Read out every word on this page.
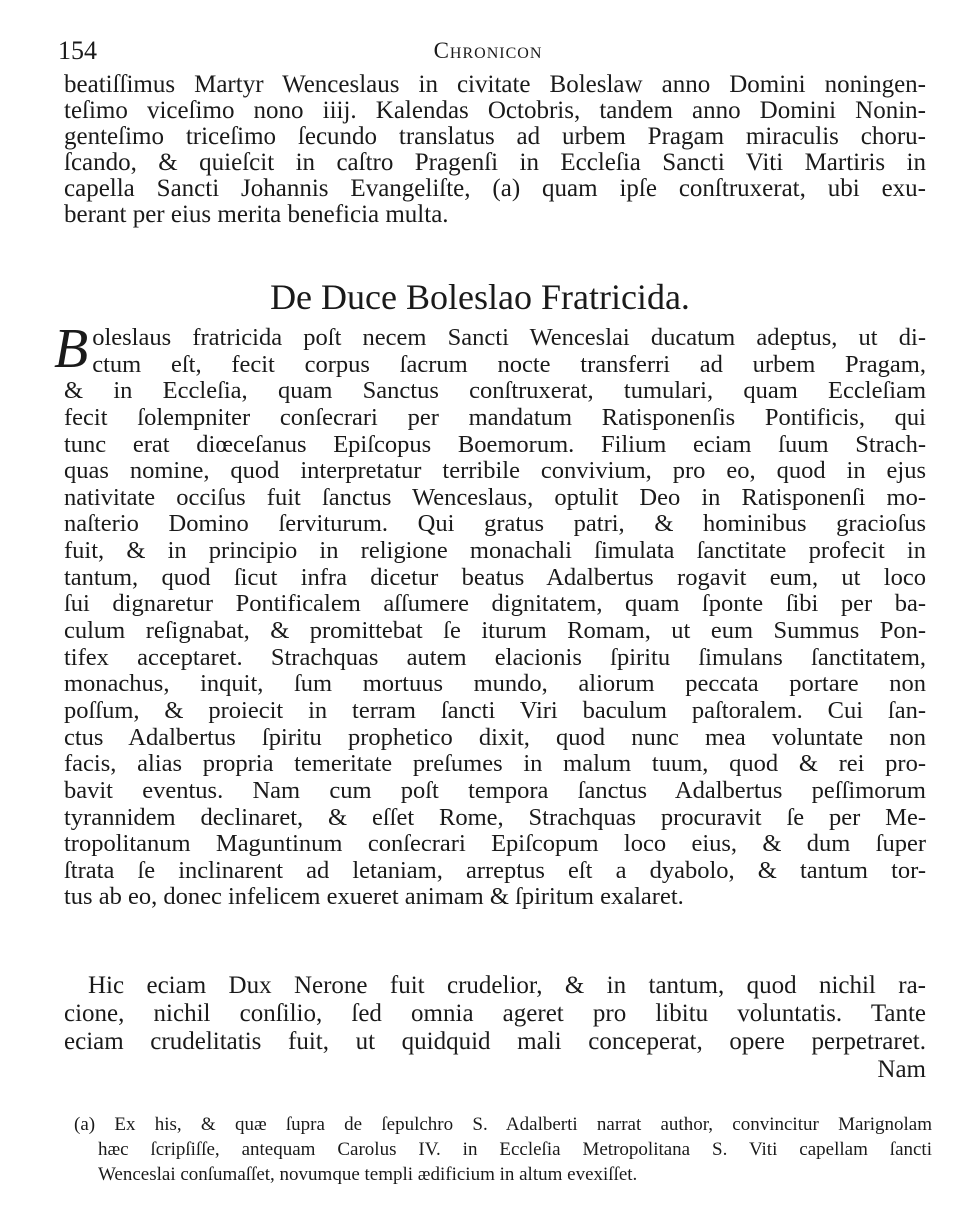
154	Chronicon
beatiſſimus Martyr Wenceslaus in civitate Boleslaw anno Domini noningen-
teſimo viceſimo nono iiij. Kalendas Octobris, tandem anno Domini Nonin-
genteſimo triceſimo ſecundo translatus ad urbem Pragam miraculis choru-
ſcando, & quieſcit in caſtro Pragenſi in Eccleſia Sancti Viti Martiris in
capella Sancti Johannis Evangeliſte, (a) quam ipſe conſtruxerat, ubi exu-
berant per eius merita beneficia multa.
De Duce Boleslao Fratricida.
B oleslaus fratricida poſt necem Sancti Wenceslai ducatum adeptus, ut di-
ctum eſt, fecit corpus ſacrum nocte transferri ad urbem Pragam,
& in Eccleſia, quam Sanctus conſtruxerat, tumulari, quam Eccleſiam
fecit ſolempniter conſecrari per mandatum Ratisponenſis Pontificis, qui
tunc erat diœceſanus Epiſcopus Boemorum. Filium eciam ſuum Strach-
quas nomine, quod interpretatur terribile convivium, pro eo, quod in ejus
nativitate occiſus fuit ſanctus Wenceslaus, optulit Deo in Ratisponenſi mo-
naſterio Domino ſerviturum. Qui gratus patri, & hominibus gracioſus
fuit, & in principio in religione monachali ſimulata ſanctitate profecit in
tantum, quod ſicut infra dicetur beatus Adalbertus rogavit eum, ut loco
ſui dignaretur Pontificalem aſſumere dignitatem, quam ſponte ſibi per ba-
culum reſignabat, & promittebat ſe iturum Romam, ut eum Summus Pon-
tifex acceptaret. Strachquas autem elacionis ſpiritu ſimulans ſanctitatem,
monachus, inquit, ſum mortuus mundo, aliorum peccata portare non
poſſum, & proiecit in terram ſancti Viri baculum paſtoralem. Cui ſan-
ctus Adalbertus ſpiritu prophetico dixit, quod nunc mea voluntate non
facis, alias propria temeritate preſumes in malum tuum, quod & rei pro-
bavit eventus. Nam cum poſt tempora ſanctus Adalbertus peſſimorum
tyrannidem declinaret, & eſſet Rome, Strachquas procuravit ſe per Me-
tropolitanum Maguntinum conſecrari Epiſcopum loco eius, & dum ſuper
ſtrata ſe inclinarent ad letaniam, arreptus eſt a dyabolo, & tantum tor-
tus ab eo, donec infelicem exueret animam & ſpiritum exalaret.
Hic eciam Dux Nerone fuit crudelior, & in tantum, quod nichil ra-
cione, nichil conſilio, ſed omnia ageret pro libitu voluntatis. Tante
eciam crudelitatis fuit, ut quidquid mali conceperat, opere perpetraret.
Nam
(a) Ex his, & quæ ſupra de ſepulchro S. Adalberti narrat author, convincitur Marignolam
hæc ſcripſiſſe, antequam Carolus IV. in Eccleſia Metropolitana S. Viti capellam ſancti
Wenceslai conſumaſſet, novumque templi ædificium in altum evexiſſet.
